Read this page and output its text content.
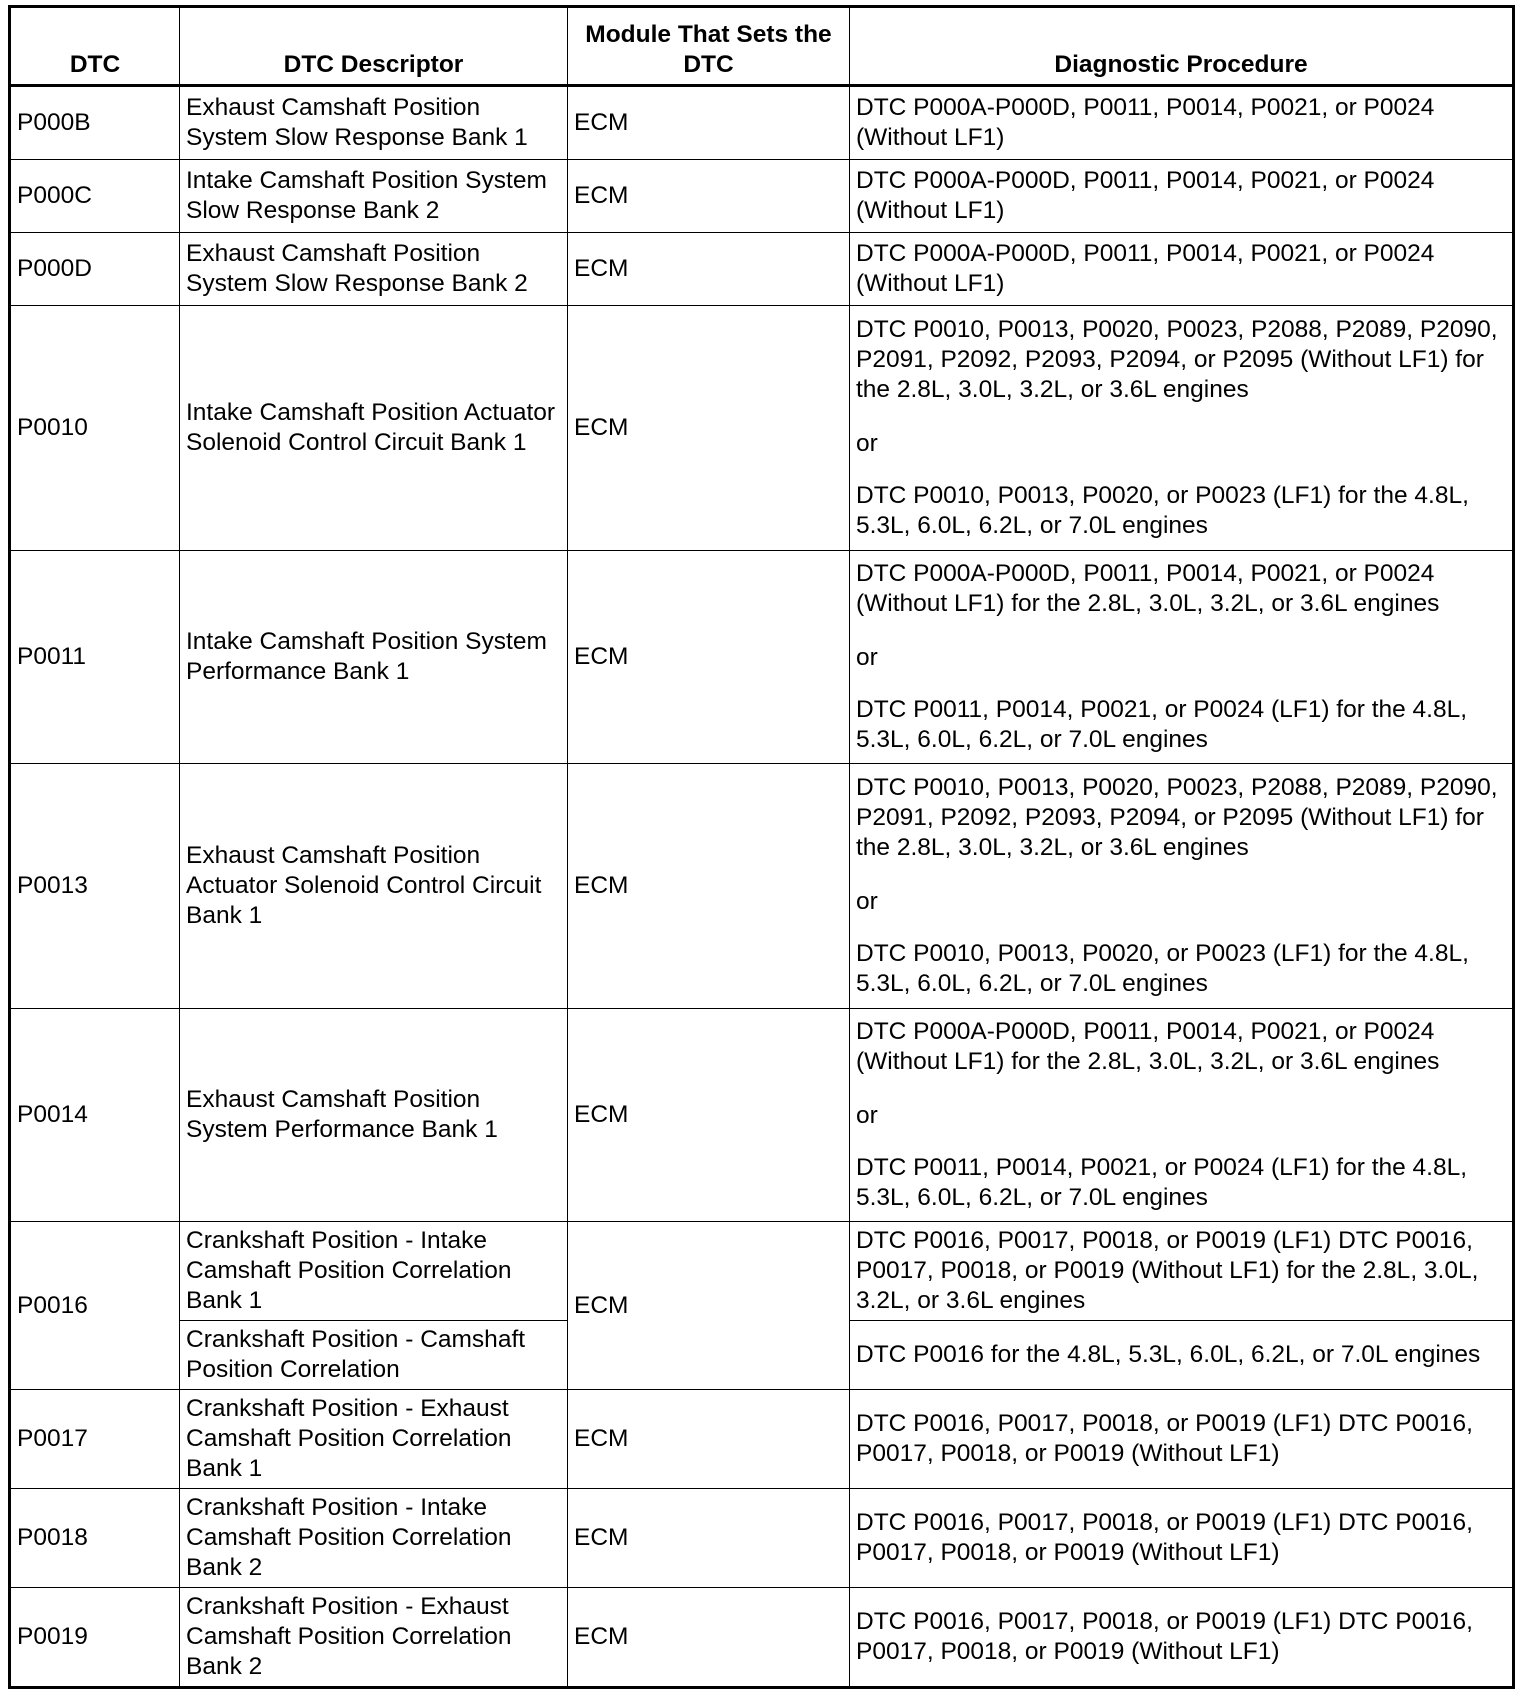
DTC	DTC Descriptor	Module That Sets the DTC	Diagnostic Procedure
P000B	Exhaust Camshaft Position System Slow Response Bank 1	ECM	DTC P000A-P000D, P0011, P0014, P0021, or P0024 (Without LF1)
P000C	Intake Camshaft Position System Slow Response Bank 2	ECM	DTC P000A-P000D, P0011, P0014, P0021, or P0024 (Without LF1)
P000D	Exhaust Camshaft Position System Slow Response Bank 2	ECM	DTC P000A-P000D, P0011, P0014, P0021, or P0024 (Without LF1)
P0010	Intake Camshaft Position Actuator Solenoid Control Circuit Bank 1	ECM	DTC P0010, P0013, P0020, P0023, P2088, P2089, P2090, P2091, P2092, P2093, P2094, or P2095 (Without LF1) for the 2.8L, 3.0L, 3.2L, or 3.6L engines
or
DTC P0010, P0013, P0020, or P0023 (LF1) for the 4.8L, 5.3L, 6.0L, 6.2L, or 7.0L engines

P0011	Intake Camshaft Position System Performance Bank 1	ECM	DTC P000A-P000D, P0011, P0014, P0021, or P0024 (Without LF1) for the 2.8L, 3.0L, 3.2L, or 3.6L engines
or
DTC P0011, P0014, P0021, or P0024 (LF1) for the 4.8L, 5.3L, 6.0L, 6.2L, or 7.0L engines

P0013	Exhaust Camshaft Position Actuator Solenoid Control Circuit Bank 1	ECM	DTC P0010, P0013, P0020, P0023, P2088, P2089, P2090, P2091, P2092, P2093, P2094, or P2095 (Without LF1) for the 2.8L, 3.0L, 3.2L, or 3.6L engines
or
DTC P0010, P0013, P0020, or P0023 (LF1) for the 4.8L, 5.3L, 6.0L, 6.2L, or 7.0L engines

P0014	Exhaust Camshaft Position System Performance Bank 1	ECM	DTC P000A-P000D, P0011, P0014, P0021, or P0024 (Without LF1) for the 2.8L, 3.0L, 3.2L, or 3.6L engines
or
DTC P0011, P0014, P0021, or P0024 (LF1) for the 4.8L, 5.3L, 6.0L, 6.2L, or 7.0L engines

P0016	Crankshaft Position - Intake Camshaft Position Correlation Bank 1	ECM	DTC P0016, P0017, P0018, or P0019 (LF1) DTC P0016, P0017, P0018, or P0019 (Without LF1) for the 2.8L, 3.0L, 3.2L, or 3.6L engines
	Crankshaft Position - Camshaft Position Correlation		DTC P0016 for the 4.8L, 5.3L, 6.0L, 6.2L, or 7.0L engines
P0017	Crankshaft Position - Exhaust Camshaft Position Correlation Bank 1	ECM	DTC P0016, P0017, P0018, or P0019 (LF1) DTC P0016, P0017, P0018, or P0019 (Without LF1)
P0018	Crankshaft Position - Intake Camshaft Position Correlation Bank 2	ECM	DTC P0016, P0017, P0018, or P0019 (LF1) DTC P0016, P0017, P0018, or P0019 (Without LF1)
P0019	Crankshaft Position - Exhaust Camshaft Position Correlation Bank 2	ECM	DTC P0016, P0017, P0018, or P0019 (LF1) DTC P0016, P0017, P0018, or P0019 (Without LF1)
